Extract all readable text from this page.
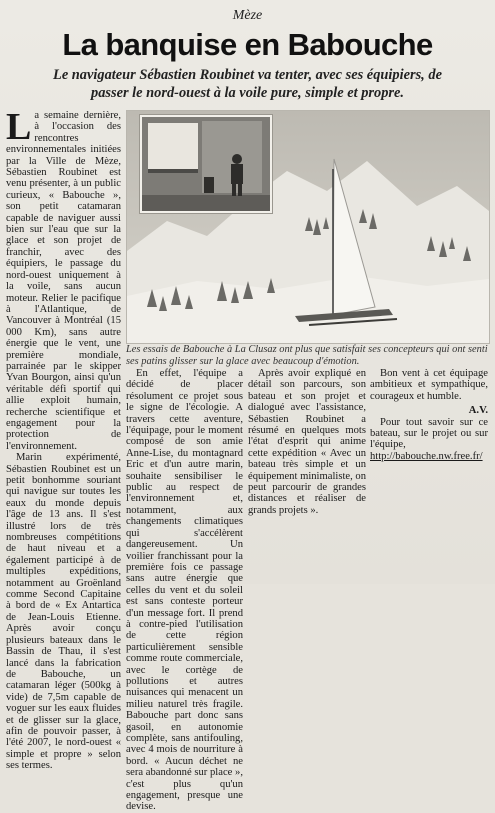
Mèze
La banquise en Babouche
Le navigateur Sébastien Roubinet va tenter, avec ses équipiers, de passer le nord-ouest à la voile pure, simple et propre.

La semaine dernière, à l'occasion des rencontres environnementales initiées par la Ville de Mèze, Sébastien Roubinet est venu présenter, à un public curieux, « Babouche », son petit catamaran capable de naviguer aussi bien sur l'eau que sur la glace et son projet de franchir, avec des équipiers, le passage du nord-ouest uniquement à la voile, sans aucun moteur. Relier le pacifique à l'Atlantique, de Vancouver à Montréal (15 000 Km), sans autre énergie que le vent, une première mondiale, parrainée par le skipper Yvan Bourgon, ainsi qu'un véritable défi sportif qui allie exploit humain, recherche scientifique et engagement pour la protection de l'environnement.

Marin expérimenté, Sébastien Roubinet est un petit bonhomme souriant qui navigue sur toutes les eaux du monde depuis l'âge de 13 ans. Il s'est illustré lors de très nombreuses compétitions de haut niveau et a également participé à de multiples expéditions, notamment au Groënland comme Second Capitaine à bord de « Ex Antartica de Jean-Louis Etienne. Après avoir conçu plusieurs bateaux dans le Bassin de Thau, il s'est lancé dans la fabrication de Babouche, un catamaran léger (500kg à vide) de 7,5m capable de voguer sur les eaux fluides et de glisser sur la glace, afin de pouvoir passer, à l'été 2007, le nord-ouest « simple et propre » selon ses termes.

Les essais de Babouche à La Clusaz ont plus que satisfait ses concepteurs qui ont senti ses patins glisser sur la glace avec beaucoup d'émotion.

En effet, l'équipe a décidé de placer résolument ce projet sous le signe de l'écologie. A travers cette aventure, l'équipage, pour le moment composé de son amie Anne-Lise, du montagnard Eric et d'un autre marin, souhaite sensibiliser le public au respect de l'environnement et, notamment, aux changements climatiques qui s'accélèrent dangereusement. Un voilier franchissant pour la première fois ce passage sans autre énergie que celles du vent et du soleil est sans conteste porteur d'un message fort. Il prend à contre-pied l'utilisation de cette région particulièrement sensible comme route commerciale, avec le cortège de pollutions et autres nuisances qui menacent un milieu naturel très fragile. Babouche part donc sans gasoil, en autonomie complète, sans antifouling, avec 4 mois de nourriture à bord. « Aucun déchet ne sera abandonné sur place », c'est plus qu'un engagement, presque une devise.

Après avoir expliqué en détail son parcours, son bateau et son projet et dialogué avec l'assistance, Sébastien Roubinet a résumé en quelques mots l'état d'esprit qui anime cette expédition « Avec un bateau très simple et un équipement minimaliste, on peut parcourir de grandes distances et réaliser de grands projets ».

Bon vent à cet équipage ambitieux et sympathique, courageux et humble.

A.V.

Pour tout savoir sur ce bateau, sur le projet ou sur l'équipe, http://babouche.nw.free.fr/
